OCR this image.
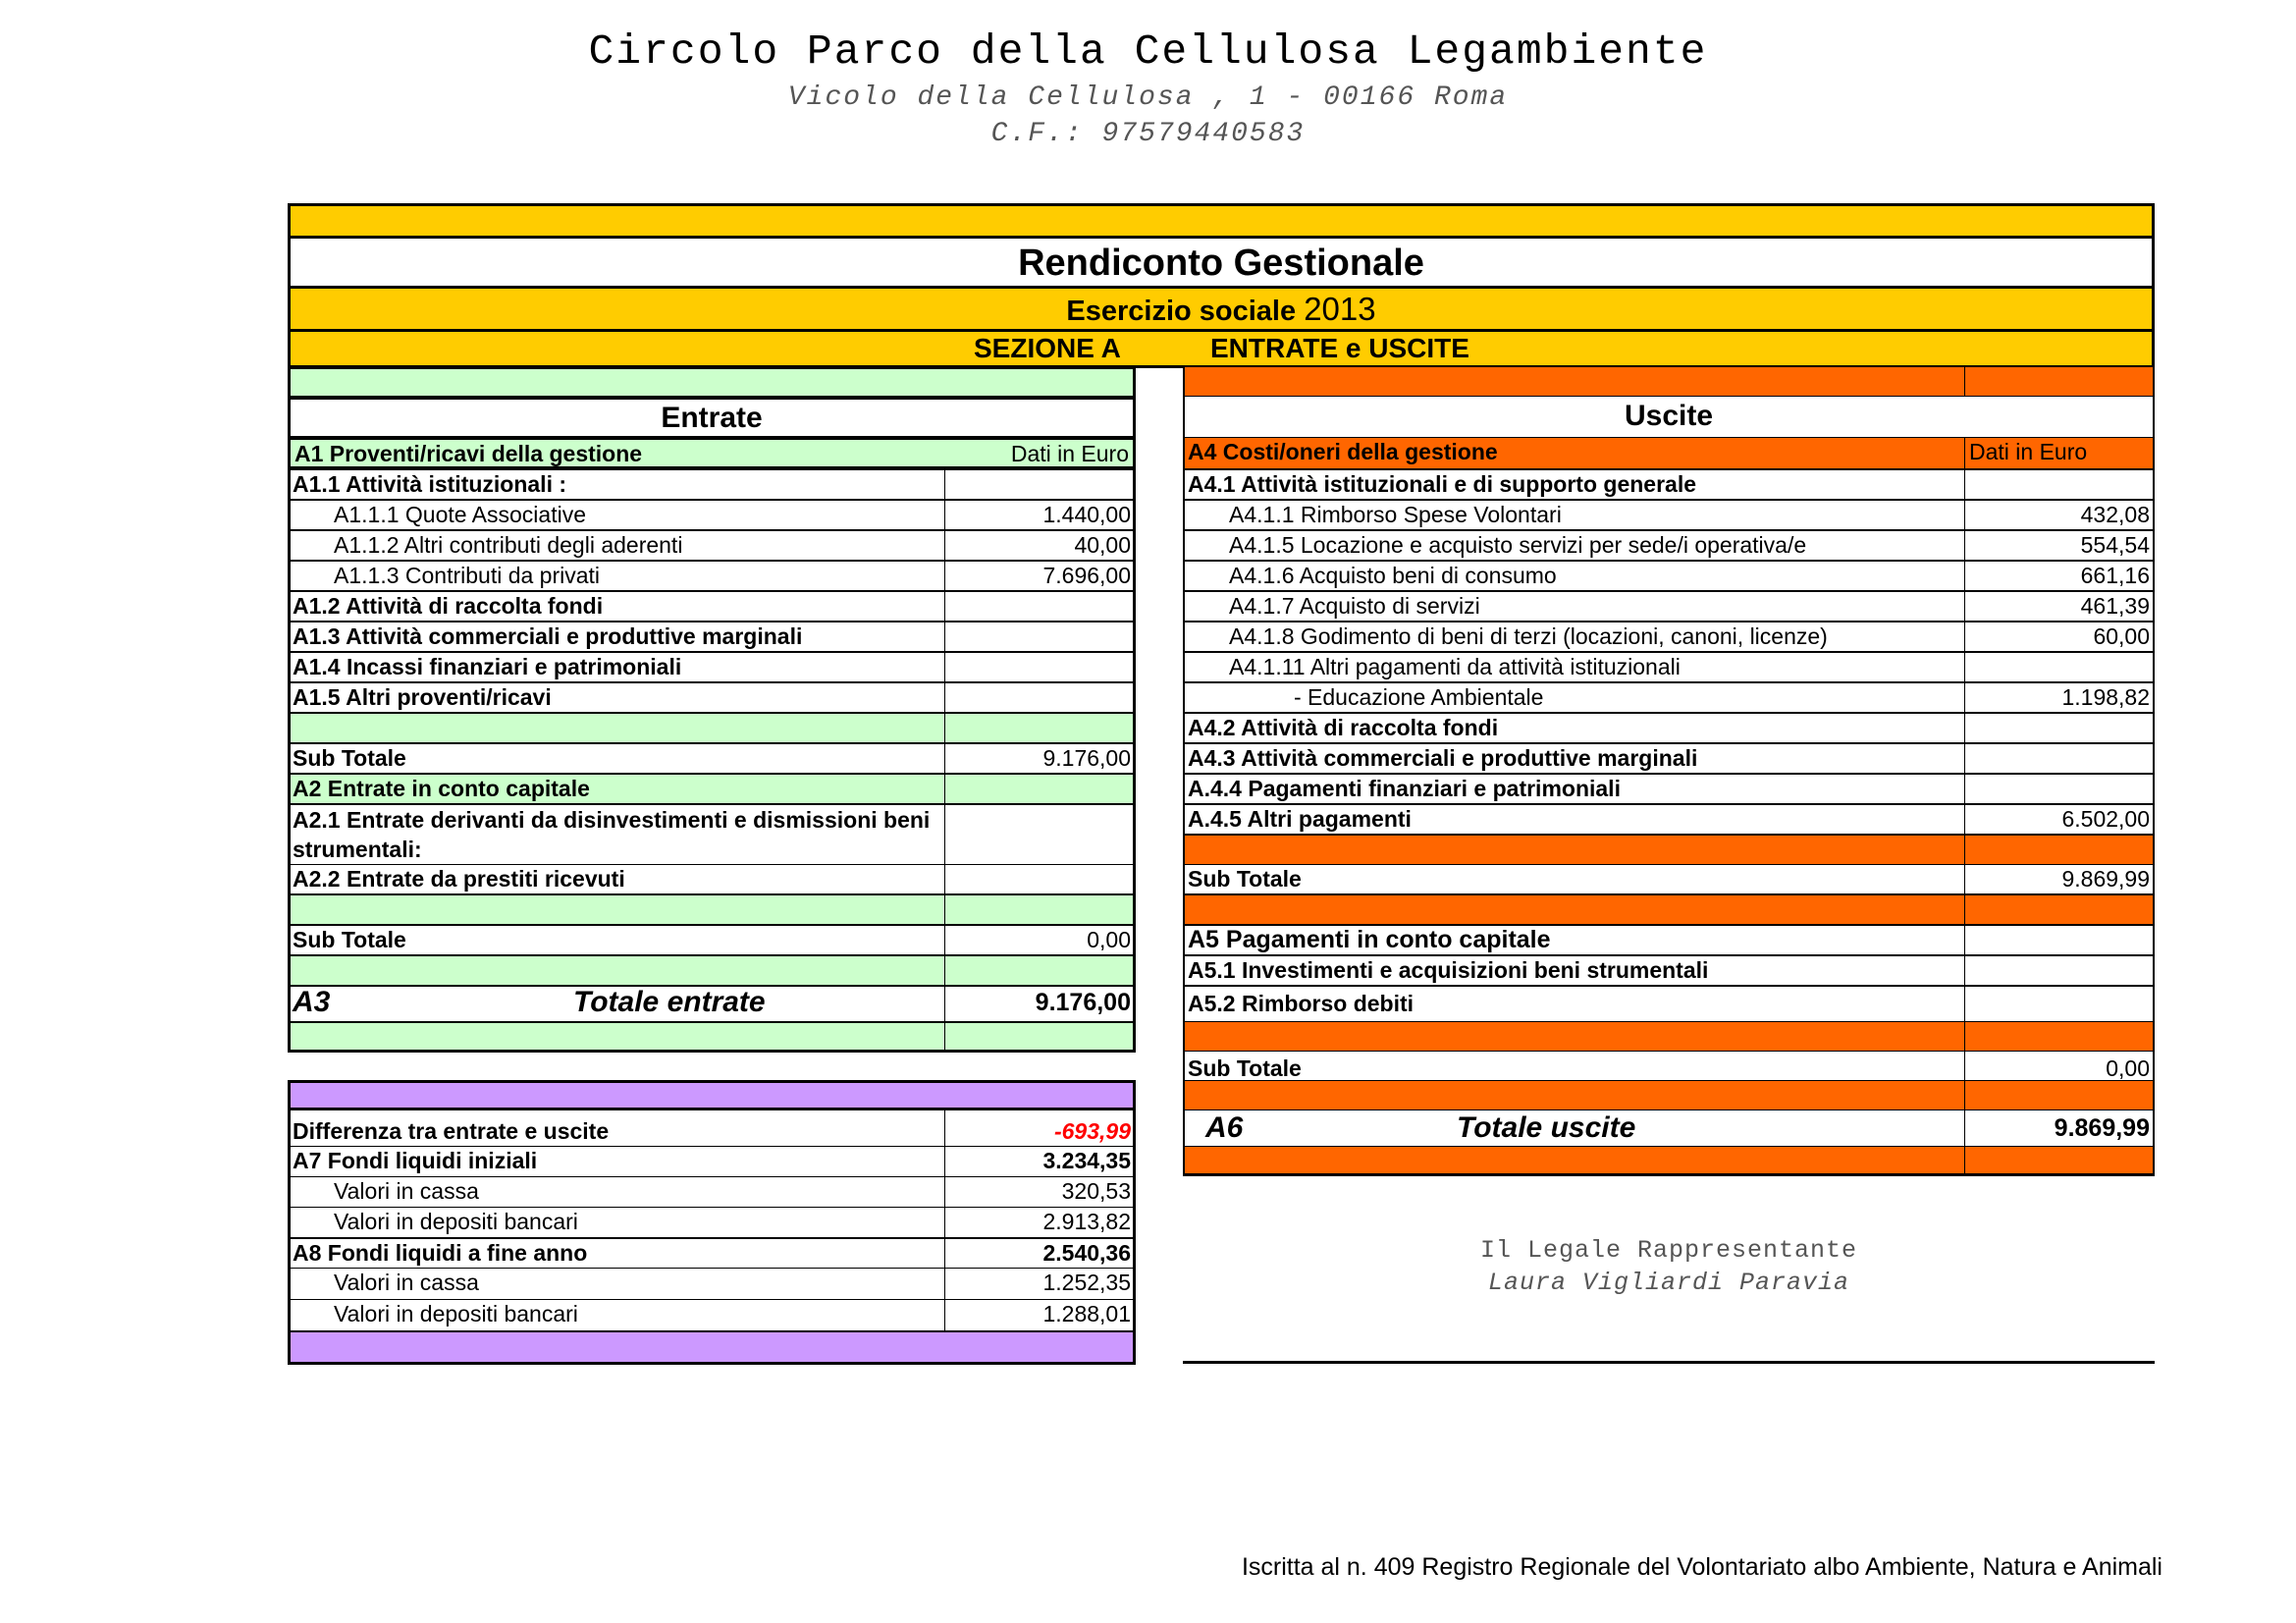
Circolo Parco della Cellulosa Legambiente
Vicolo della Cellulosa , 1 - 00166 Roma
C.F.: 97579440583
Rendiconto Gestionale
Esercizio sociale 2013
SEZIONE A	ENTRATE e USCITE
Entrate
A1 Proventi/ricavi della gestione	Dati in Euro
A1.1 Attività istituzionali :
A1.1.1 Quote Associative	1.440,00
A1.1.2 Altri contributi degli aderenti	40,00
A1.1.3 Contributi da privati	7.696,00
A1.2 Attività di raccolta fondi
A1.3 Attività commerciali e produttive marginali
A1.4 Incassi finanziari e patrimoniali
A1.5 Altri proventi/ricavi
Sub Totale	9.176,00
A2 Entrate in conto capitale
A2.1 Entrate derivanti da disinvestimenti e dismissioni beni strumentali:
A2.2 Entrate da prestiti ricevuti
Sub Totale	0,00
A3	Totale entrate	9.176,00
Differenza tra entrate e uscite	-693,99
A7 Fondi liquidi iniziali	3.234,35
Valori in cassa	320,53
Valori in depositi bancari	2.913,82
A8 Fondi liquidi a fine anno	2.540,36
Valori in cassa	1.252,35
Valori in depositi bancari	1.288,01
Uscite
A4 Costi/oneri della gestione	Dati in Euro
A4.1 Attività istituzionali e di supporto generale
A4.1.1 Rimborso Spese Volontari	432,08
A4.1.5 Locazione e acquisto servizi per sede/i operativa/e	554,54
A4.1.6 Acquisto beni di consumo	661,16
A4.1.7 Acquisto di servizi	461,39
A4.1.8 Godimento di beni di terzi (locazioni, canoni, licenze)	60,00
A4.1.11 Altri pagamenti da attività istituzionali
- Educazione Ambientale	1.198,82
A4.2 Attività di raccolta fondi
A4.3 Attività commerciali e produttive marginali
A.4.4 Pagamenti finanziari e patrimoniali
A.4.5 Altri pagamenti	6.502,00
Sub Totale	9.869,99
A5 Pagamenti in conto capitale
A5.1 Investimenti e acquisizioni beni strumentali
A5.2 Rimborso debiti
Sub Totale	0,00
A6	Totale uscite	9.869,99
Il Legale Rappresentante
Laura Vigliardi Paravia
Iscritta al n. 409 Registro Regionale del Volontariato albo Ambiente, Natura e Animali
